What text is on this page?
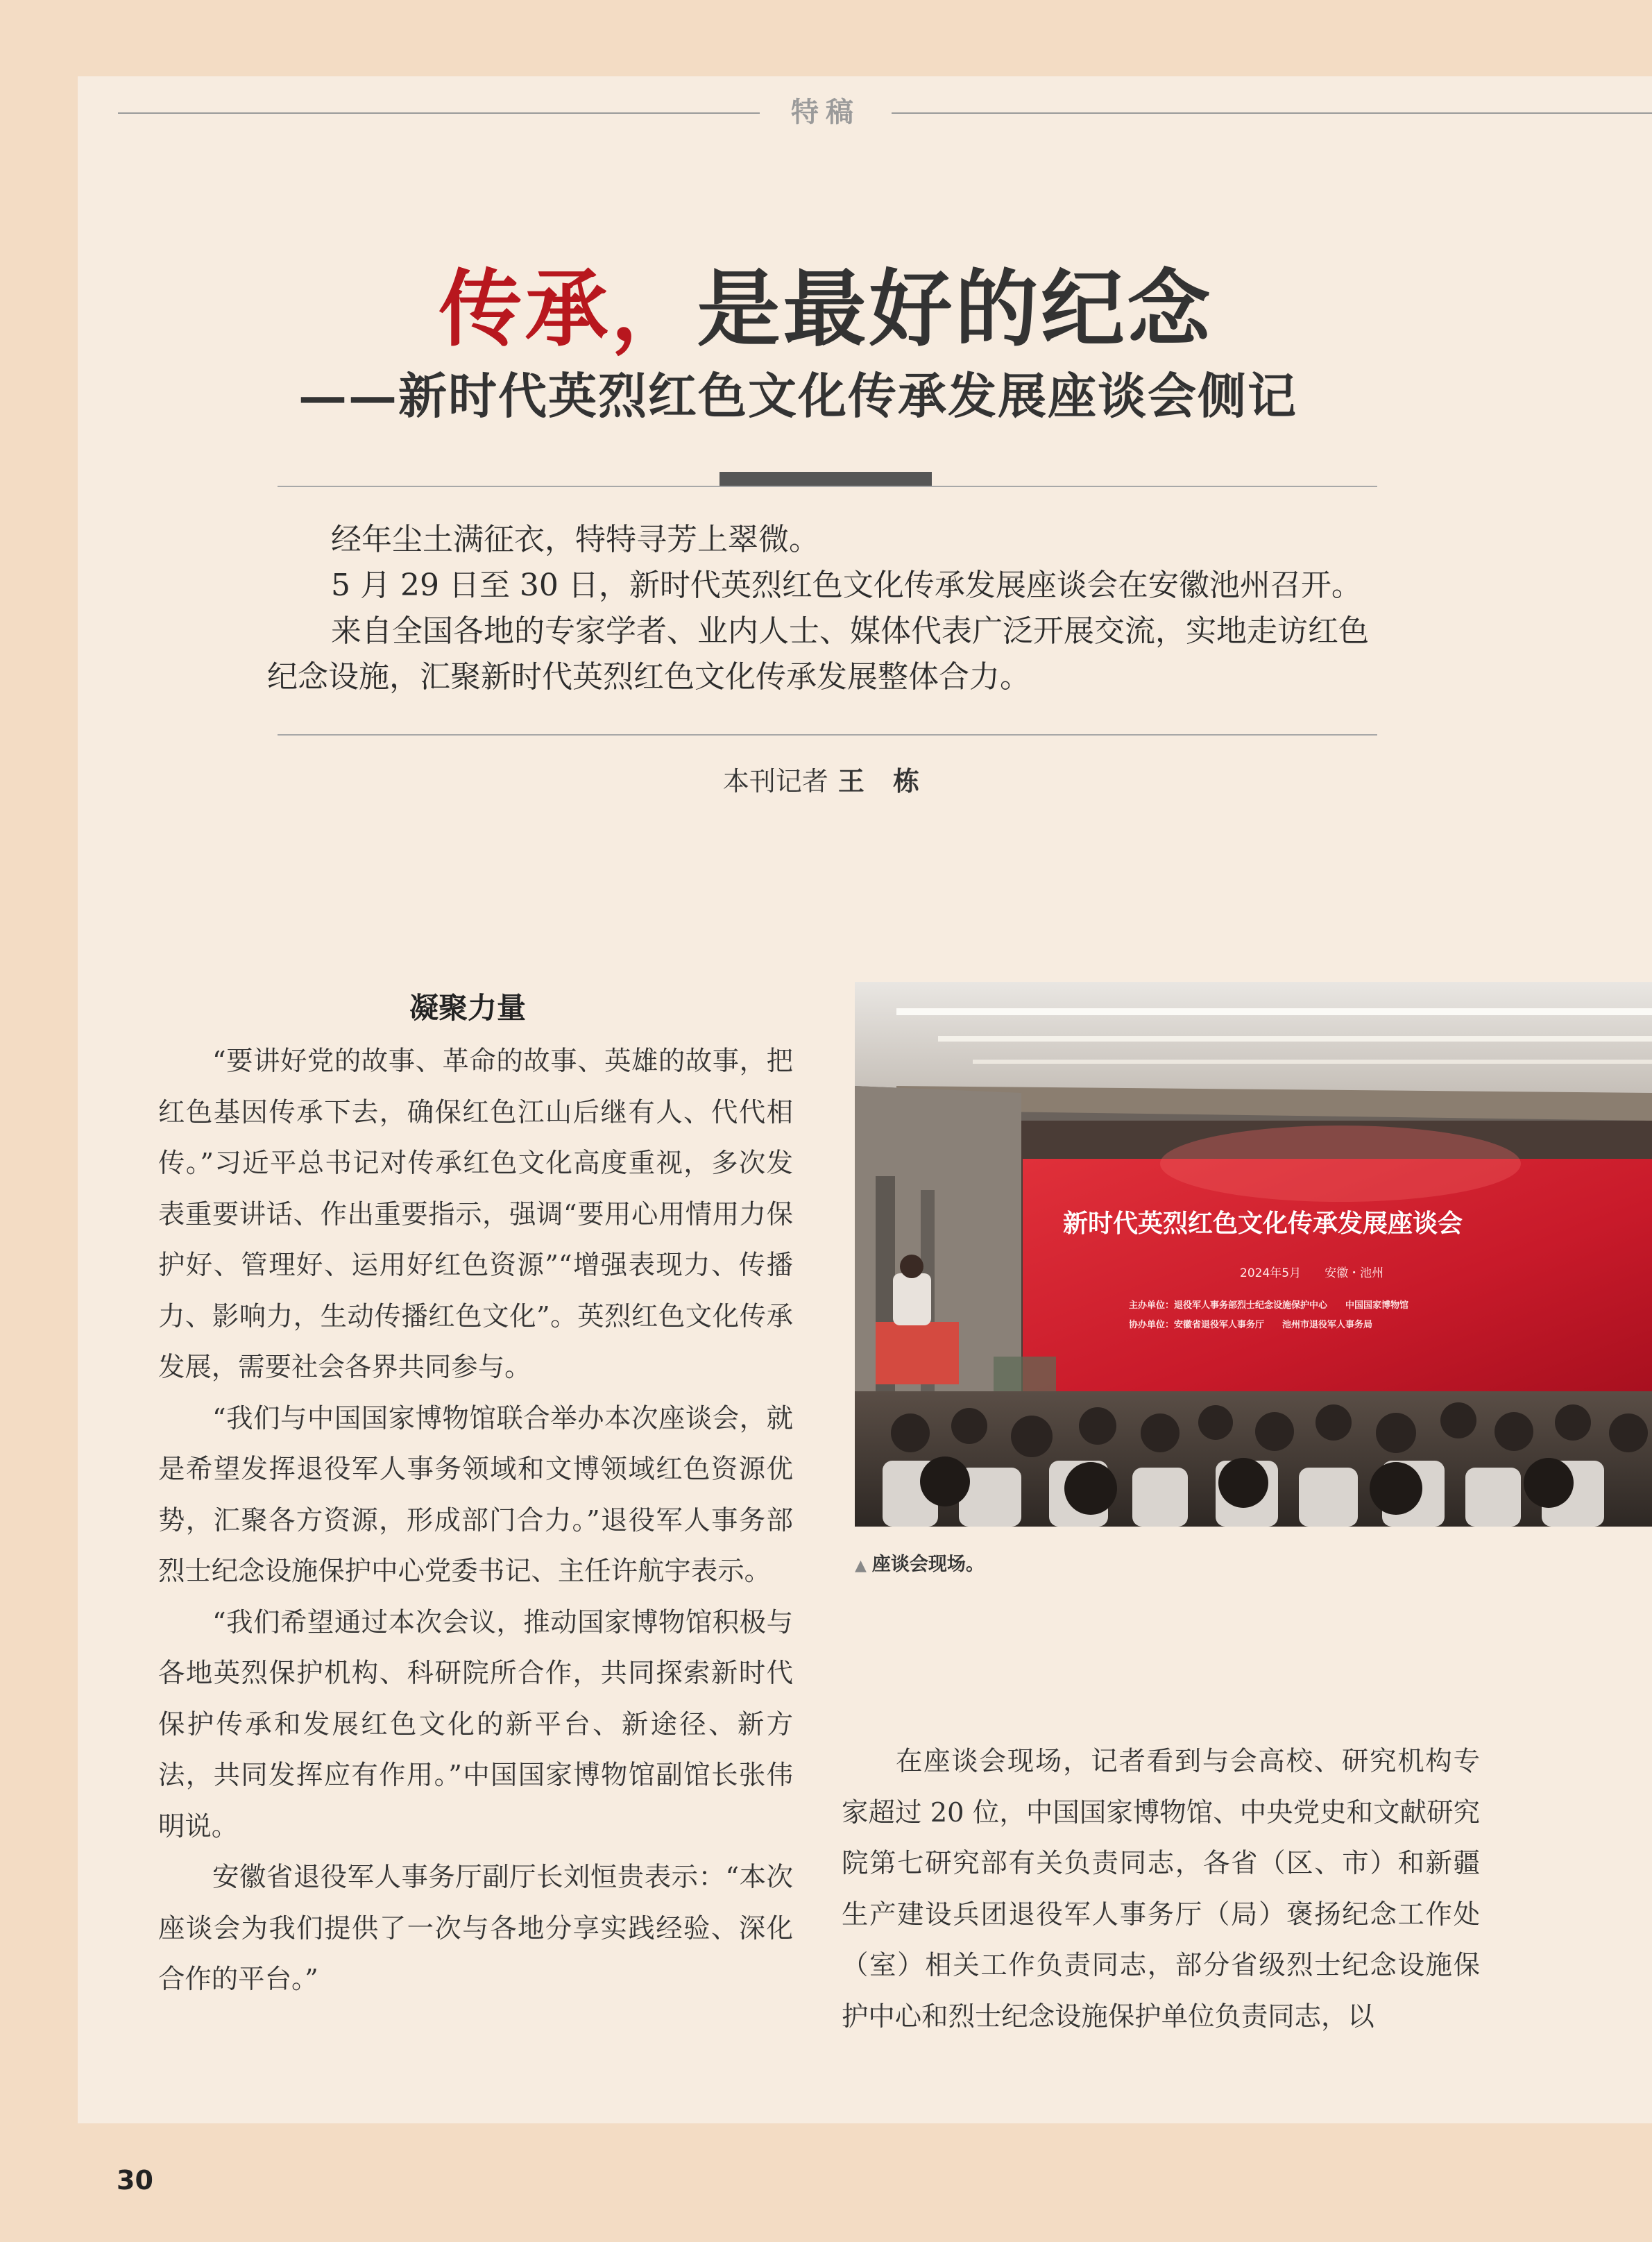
特稿
传承，是最好的纪念
——新时代英烈红色文化传承发展座谈会侧记

经年尘土满征衣，特特寻芳上翠微。

5 月 29 日至 30 日，新时代英烈红色文化传承发展座谈会在安徽池州召开。

来自全国各地的专家学者、业内人士、媒体代表广泛开展交流，实地走访红色纪念设施，汇聚新时代英烈红色文化传承发展整体合力。

本刊记者 王 栋
凝聚力量

“要讲好党的故事、革命的故事、英雄的故事，把红色基因传承下去，确保红色江山后继有人、代代相传。”习近平总书记对传承红色文化高度重视，多次发表重要讲话、作出重要指示，强调“要用心用情用力保护好、管理好、运用好红色资源”“增强表现力、传播力、影响力，生动传播红色文化”。英烈红色文化传承发展，需要社会各界共同参与。

“我们与中国国家博物馆联合举办本次座谈会，就是希望发挥退役军人事务领域和文博领域红色资源优势，汇聚各方资源，形成部门合力。”退役军人事务部烈士纪念设施保护中心党委书记、主任许航宇表示。

“我们希望通过本次会议，推动国家博物馆积极与各地英烈保护机构、科研院所合作，共同探索新时代保护传承和发展红色文化的新平台、新途径、新方法，共同发挥应有作用。”中国国家博物馆副馆长张伟明说。

安徽省退役军人事务厅副厅长刘恒贵表示：“本次座谈会为我们提供了一次与各地分享实践经验、深化合作的平台。”

新时代英烈红色文化传承发展座谈会
2024年5月　　安徽・池州
主办单位：退役军人事务部烈士纪念设施保护中心　　中国国家博物馆
协办单位：安徽省退役军人事务厅　　池州市退役军人事务局
▲ 座谈会现场。

在座谈会现场，记者看到与会高校、研究机构专家超过 20 位，中国国家博物馆、中央党史和文献研究院第七研究部有关负责同志，各省（区、市）和新疆生产建设兵团退役军人事务厅（局）褒扬纪念工作处（室）相关工作负责同志，部分省级烈士纪念设施保护中心和烈士纪念设施保护单位负责同志，以

30
